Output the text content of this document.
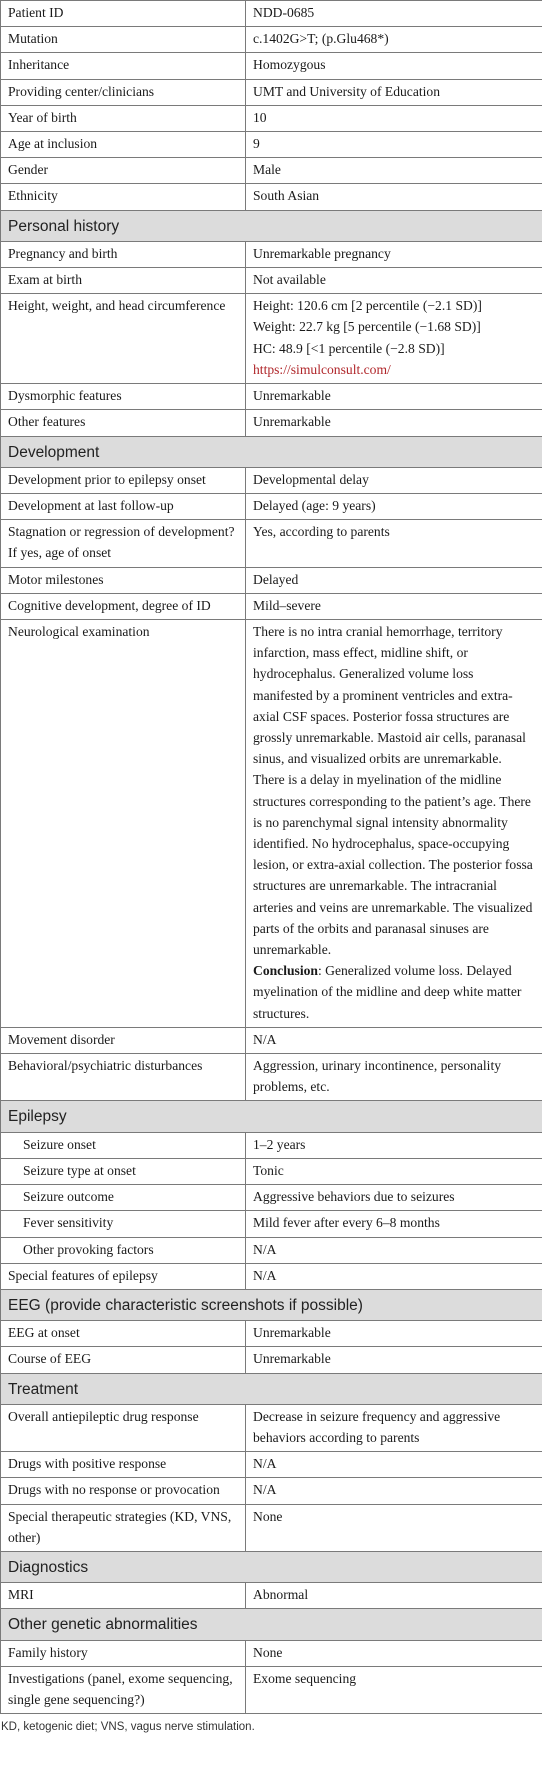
Patient ID	NDD-0685
Mutation	c.1402G>T; (p.Glu468*)
Inheritance	Homozygous
Providing center/clinicians	UMT and University of Education
Year of birth	10
Age at inclusion	9
Gender	Male
Ethnicity	South Asian
Personal history	
Pregnancy and birth	Unremarkable pregnancy
Exam at birth	Not available
Height, weight, and head circumference	Height: 120.6 cm [2 percentile (−2.1 SD)]
Weight: 22.7 kg [5 percentile (−1.68 SD)]
HC: 48.9 [<1 percentile (−2.8 SD)]
https://simulconsult.com/

Dysmorphic features	Unremarkable
Other features	Unremarkable
Development	
Development prior to epilepsy onset	Developmental delay
Development at last follow-up	Delayed (age: 9 years)
Stagnation or regression of development? If yes, age of onset	Yes, according to parents
Motor milestones	Delayed
Cognitive development, degree of ID	Mild–severe
Neurological examination	There is no intra cranial hemorrhage, territory infarction, mass effect, midline shift, or hydrocephalus. Generalized volume loss manifested by a prominent ventricles and extra-axial CSF spaces. Posterior fossa structures are grossly unremarkable. Mastoid air cells, paranasal sinus, and visualized orbits are unremarkable. There is a delay in myelination of the midline structures corresponding to the patient’s age. There is no parenchymal signal intensity abnormality identified. No hydrocephalus, space-occupying lesion, or extra-axial collection. The posterior fossa structures are unremarkable. The intracranial arteries and veins are unremarkable. The visualized parts of the orbits and paranasal sinuses are unremarkable.
Conclusion: Generalized volume loss. Delayed myelination of the midline and deep white matter structures.

Movement disorder	N/A
Behavioral/psychiatric disturbances	Aggression, urinary incontinence, personality problems, etc.
Epilepsy	
Seizure onset	1–2 years
Seizure type at onset	Tonic
Seizure outcome	Aggressive behaviors due to seizures
Fever sensitivity	Mild fever after every 6–8 months
Other provoking factors	N/A
Special features of epilepsy	N/A
EEG (provide characteristic screenshots if possible)	
EEG at onset	Unremarkable
Course of EEG	Unremarkable
Treatment	
Overall antiepileptic drug response	Decrease in seizure frequency and aggressive behaviors according to parents
Drugs with positive response	N/A
Drugs with no response or provocation	N/A
Special therapeutic strategies (KD, VNS, other)	None
Diagnostics	
MRI	Abnormal
Other genetic abnormalities	
Family history	None
Investigations (panel, exome sequencing, single gene sequencing?)	Exome sequencing
KD, ketogenic diet; VNS, vagus nerve stimulation.
